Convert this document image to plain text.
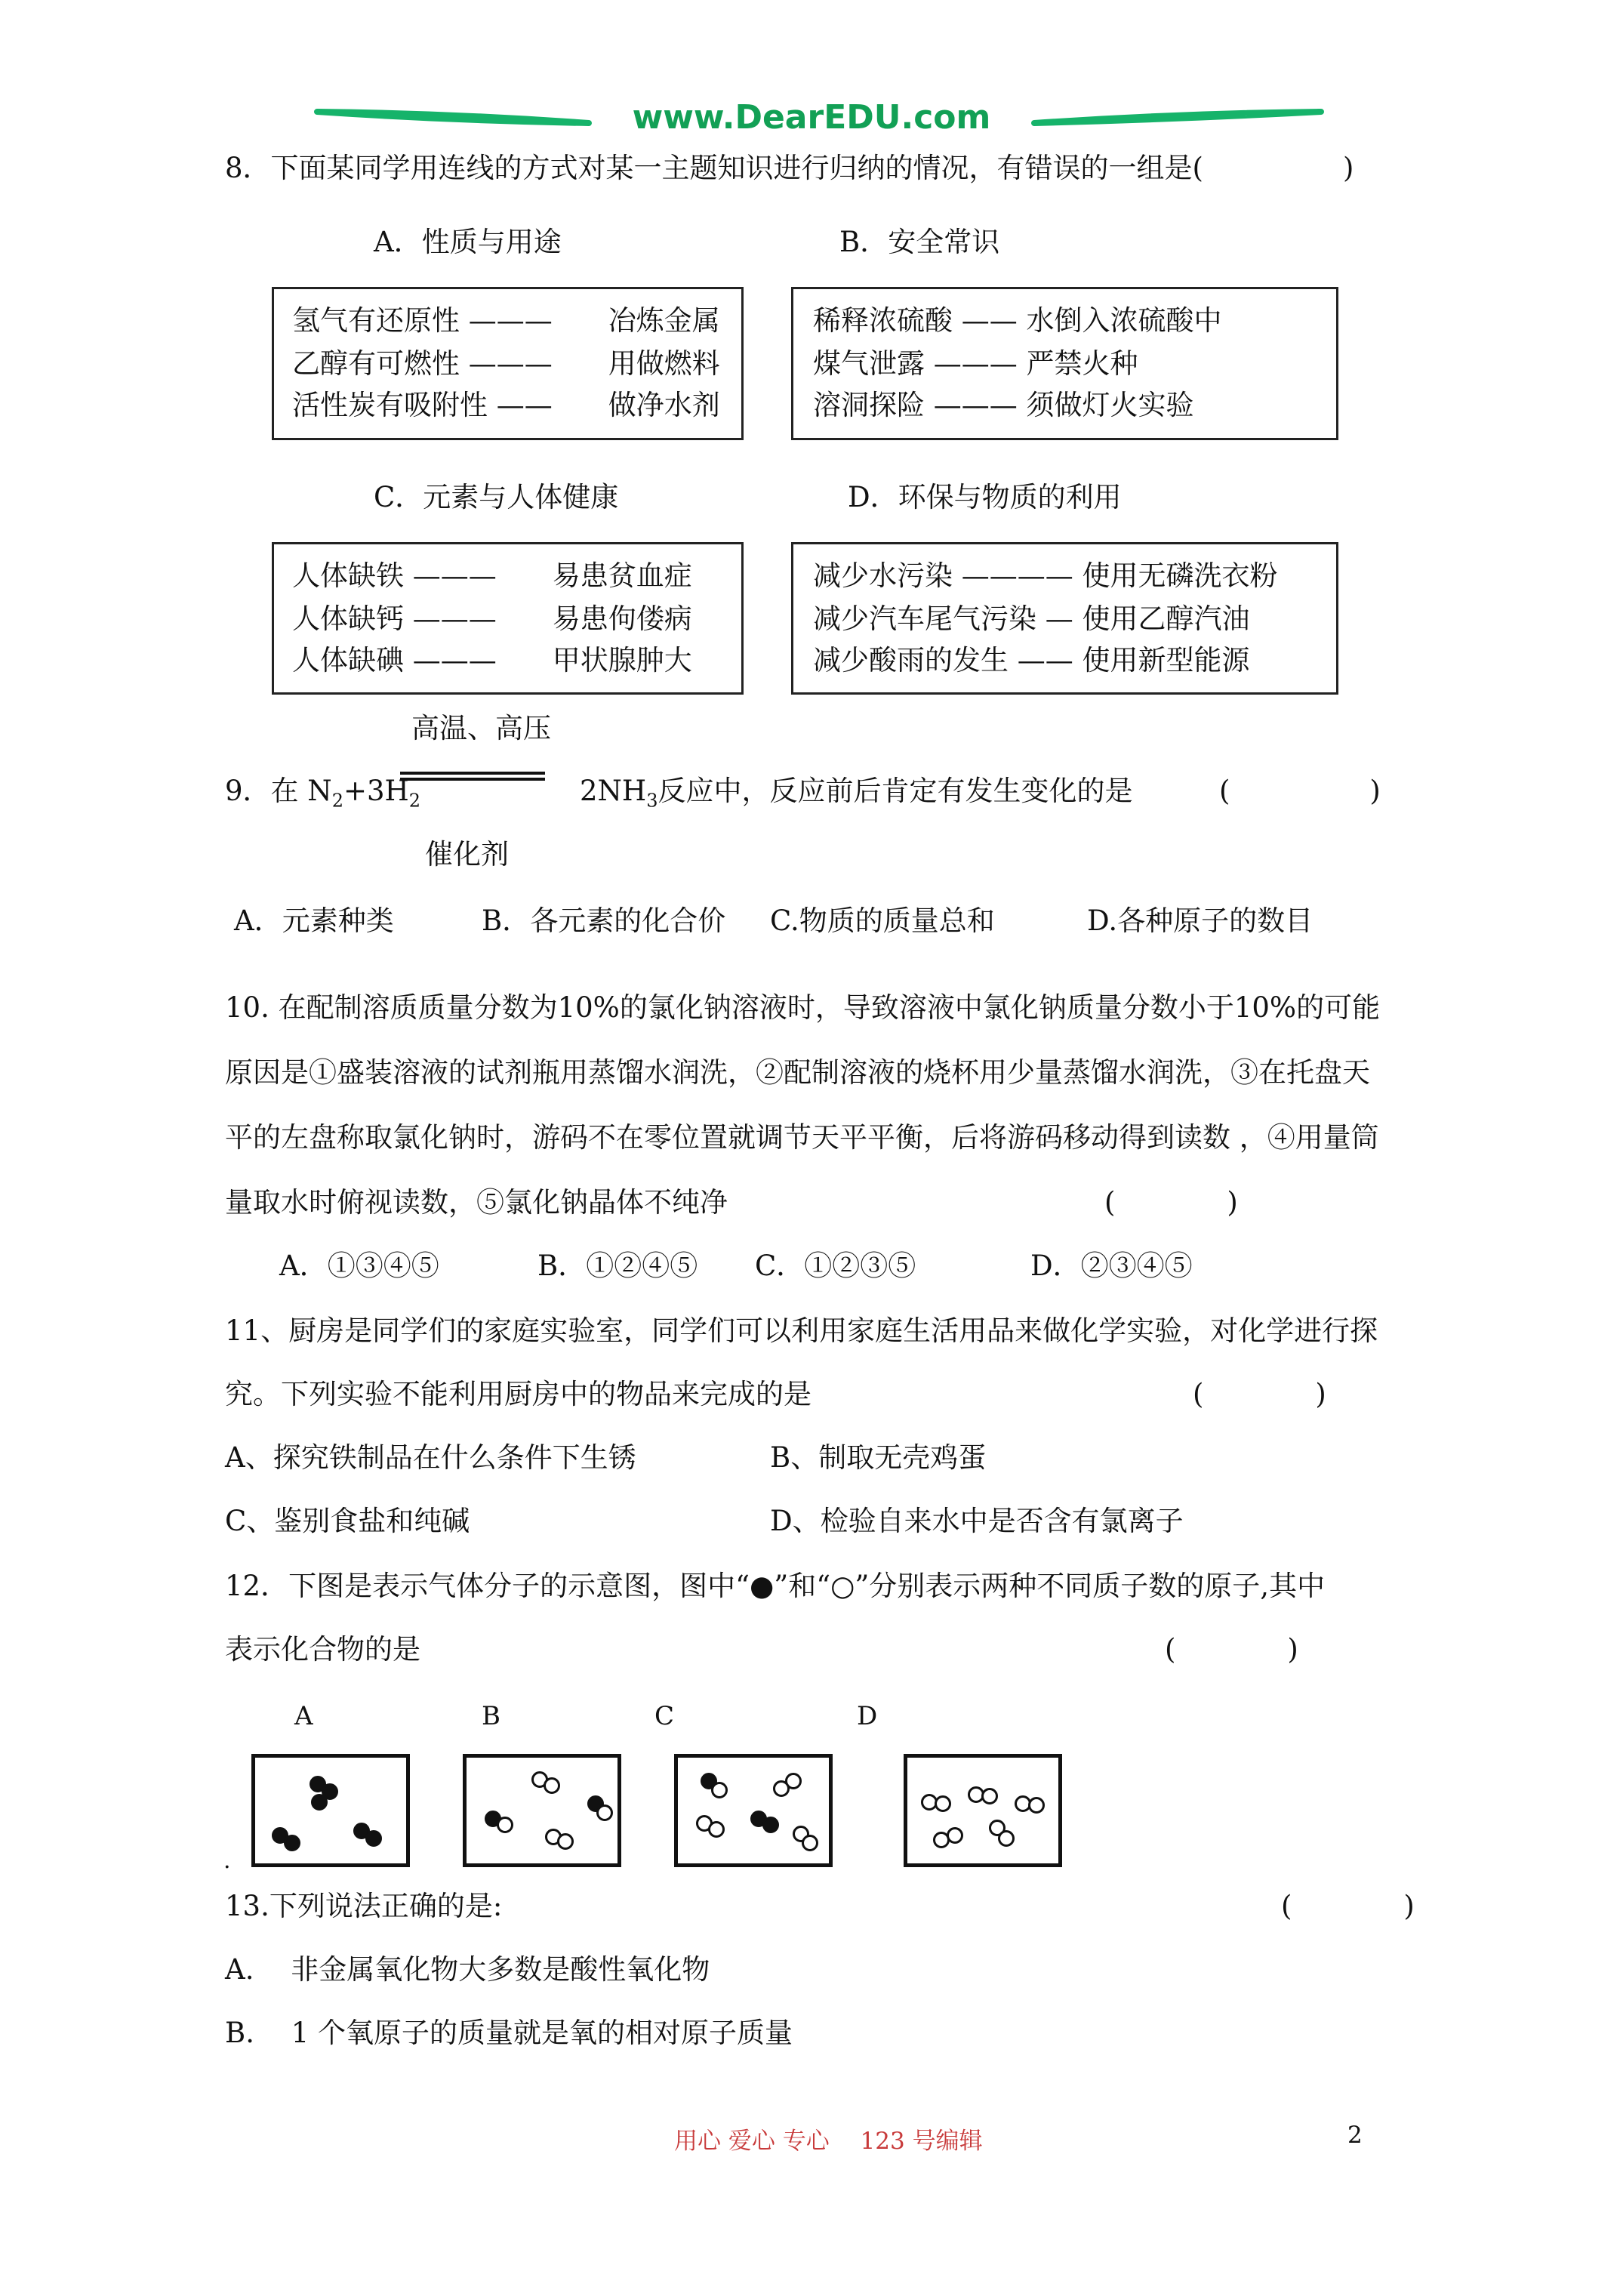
www.DearEDU.com
8．下面某同学用连线的方式对某一主题知识进行归纳的情况，有错误的一组是(　　　　　)
A．性质与用途	B．安全常识
氢气有还原性 ———　　冶炼金属
乙醇有可燃性 ———　　用做燃料
活性炭有吸附性 ——　　做净水剂
稀释浓硫酸 —— 水倒入浓硫酸中
煤气泄露 ——— 严禁火种
溶洞探险 ——— 须做灯火实验
C．元素与人体健康	D．环保与物质的利用
人体缺铁 ———　　易患贫血症
人体缺钙 ———　　易患佝偻病
人体缺碘 ———　　甲状腺肿大
减少水污染 ———— 使用无磷洗衣粉
减少汽车尾气污染 — 使用乙醇汽油
减少酸雨的发生 —— 使用新型能源
高温、高压
9．在 $N_2+3H_2$	$2NH_3$反应中，反应前后肯定有发生变化的是	(　　　　　)
催化剂
A．元素种类	B．各元素的化合价 C.物质的质量总和	D.各种原子的数目
10. 在配制溶质质量分数为10%的氯化钠溶液时，导致溶液中氯化钠质量分数小于10%的可能
原因是①盛装溶液的试剂瓶用蒸馏水润洗，②配制溶液的烧杯用少量蒸馏水润洗，③在托盘天
平的左盘称取氯化钠时，游码不在零位置就调节天平平衡，后将游码移动得到读数 ，④用量筒
量取水时俯视读数，⑤氯化钠晶体不纯净	(　　　　)
A．①③④⑤	B．①②④⑤ C．①②③⑤	D．②③④⑤
11、厨房是同学们的家庭实验室，同学们可以利用家庭生活用品来做化学实验，对化学进行探
究。下列实验不能利用厨房中的物品来完成的是	(　　　　)
A、探究铁制品在什么条件下生锈	B、制取无壳鸡蛋
C、鉴别食盐和纯碱	D、检验自来水中是否含有氯离子
12．下图是表示气体分子的示意图，图中“●”和“○”分别表示两种不同质子数的原子,其中
表示化合物的是	(　　　　)
A	B	C	D
.
13.下列说法正确的是:	(　　　　)
A.　 非金属氧化物大多数是酸性氧化物
B.　 1 个氧原子的质量就是氧的相对原子质量
用心 爱心 专心　 123 号编辑	2
